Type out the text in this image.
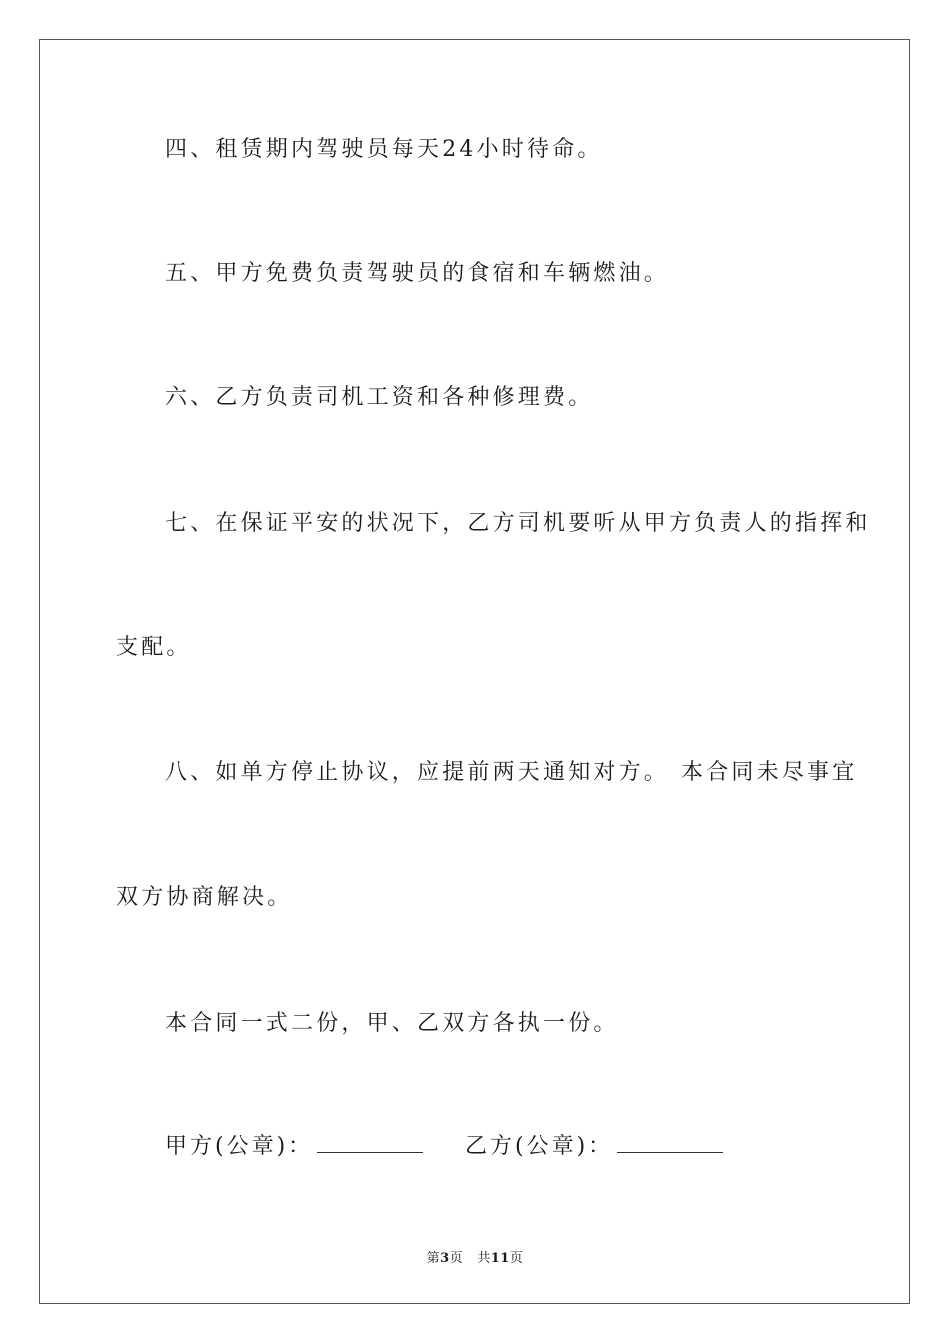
四、租赁期内驾驶员每天24小时待命。
五、甲方免费负责驾驶员的食宿和车辆燃油。
六、乙方负责司机工资和各种修理费。
七、在保证平安的状况下，乙方司机要听从甲方负责人的指挥和
支配。
八、如单方停止协议，应提前两天通知对方。 本合同未尽事宜
双方协商解决。
本合同一式二份，甲、乙双方各执一份。
甲方(公章)：	乙方(公章)：
第3页 共11页
